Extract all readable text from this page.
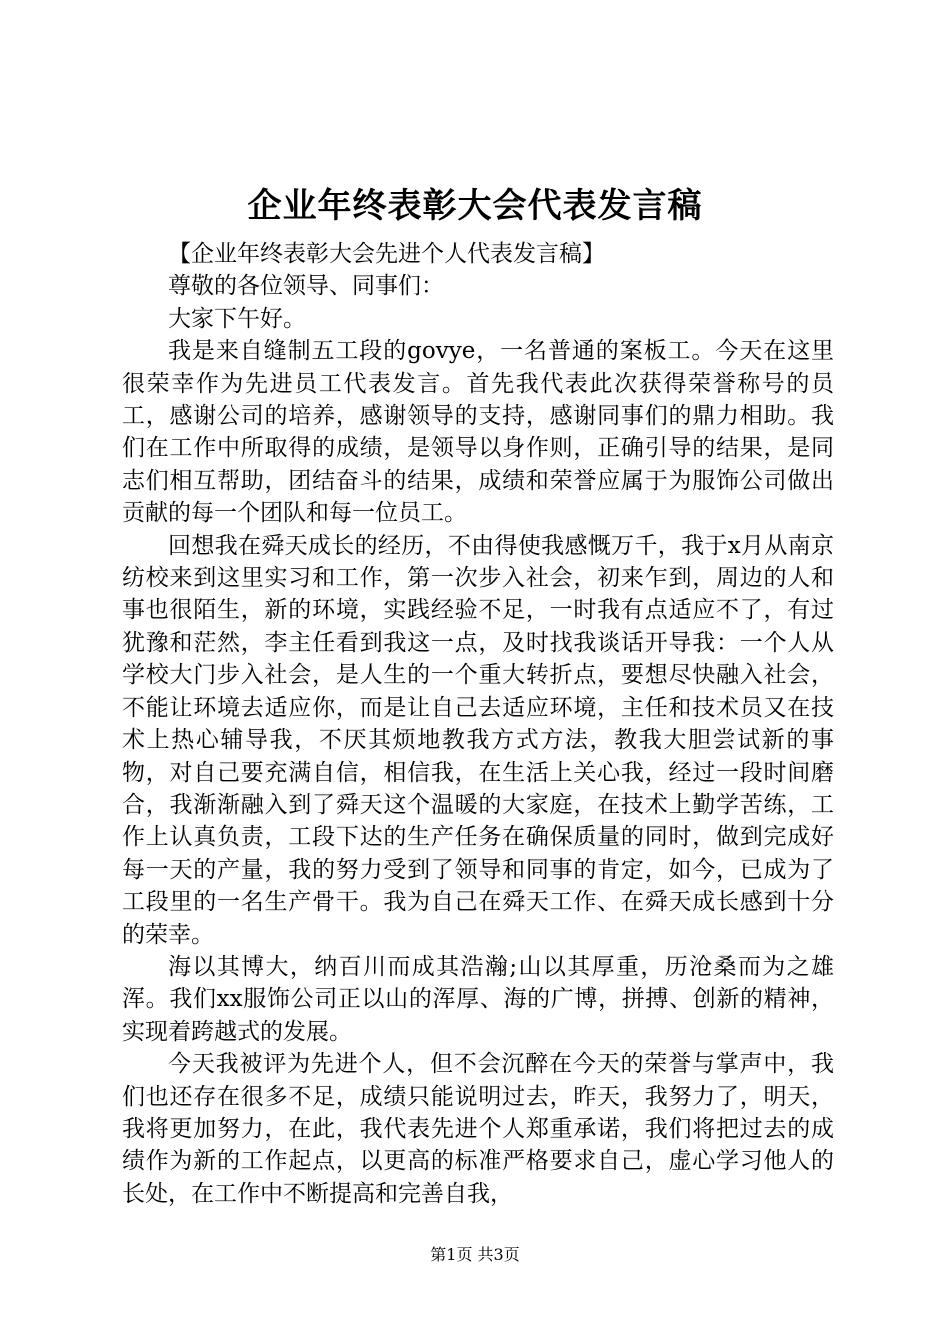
企业年终表彰大会代表发言稿

【企业年终表彰大会先进个人代表发言稿】

尊敬的各位领导、同事们：

大家下午好。

我是来自缝制五工段的govye，一名普通的案板工。今天在这里很荣幸作为先进员工代表发言。首先我代表此次获得荣誉称号的员工，感谢公司的培养，感谢领导的支持，感谢同事们的鼎力相助。我们在工作中所取得的成绩，是领导以身作则，正确引导的结果，是同志们相互帮助，团结奋斗的结果，成绩和荣誉应属于为服饰公司做出贡献的每一个团队和每一位员工。

回想我在舜天成长的经历，不由得使我感慨万千，我于x月从南京纺校来到这里实习和工作，第一次步入社会，初来乍到，周边的人和事也很陌生，新的环境，实践经验不足，一时我有点适应不了，有过犹豫和茫然，李主任看到我这一点，及时找我谈话开导我：一个人从学校大门步入社会，是人生的一个重大转折点，要想尽快融入社会，不能让环境去适应你，而是让自己去适应环境，主任和技术员又在技术上热心辅导我，不厌其烦地教我方式方法，教我大胆尝试新的事物，对自己要充满自信，相信我，在生活上关心我，经过一段时间磨合，我渐渐融入到了舜天这个温暖的大家庭，在技术上勤学苦练，工作上认真负责，工段下达的生产任务在确保质量的同时，做到完成好每一天的产量，我的努力受到了领导和同事的肯定，如今，已成为了工段里的一名生产骨干。我为自己在舜天工作、在舜天成长感到十分的荣幸。

海以其博大，纳百川而成其浩瀚;山以其厚重，历沧桑而为之雄浑。我们xx服饰公司正以山的浑厚、海的广博，拼搏、创新的精神，实现着跨越式的发展。

今天我被评为先进个人，但不会沉醉在今天的荣誉与掌声中，我们也还存在很多不足，成绩只能说明过去，昨天，我努力了，明天，我将更加努力，在此，我代表先进个人郑重承诺，我们将把过去的成绩作为新的工作起点，以更高的标准严格要求自己，虚心学习他人的长处，在工作中不断提高和完善自我，

第1页 共3页
